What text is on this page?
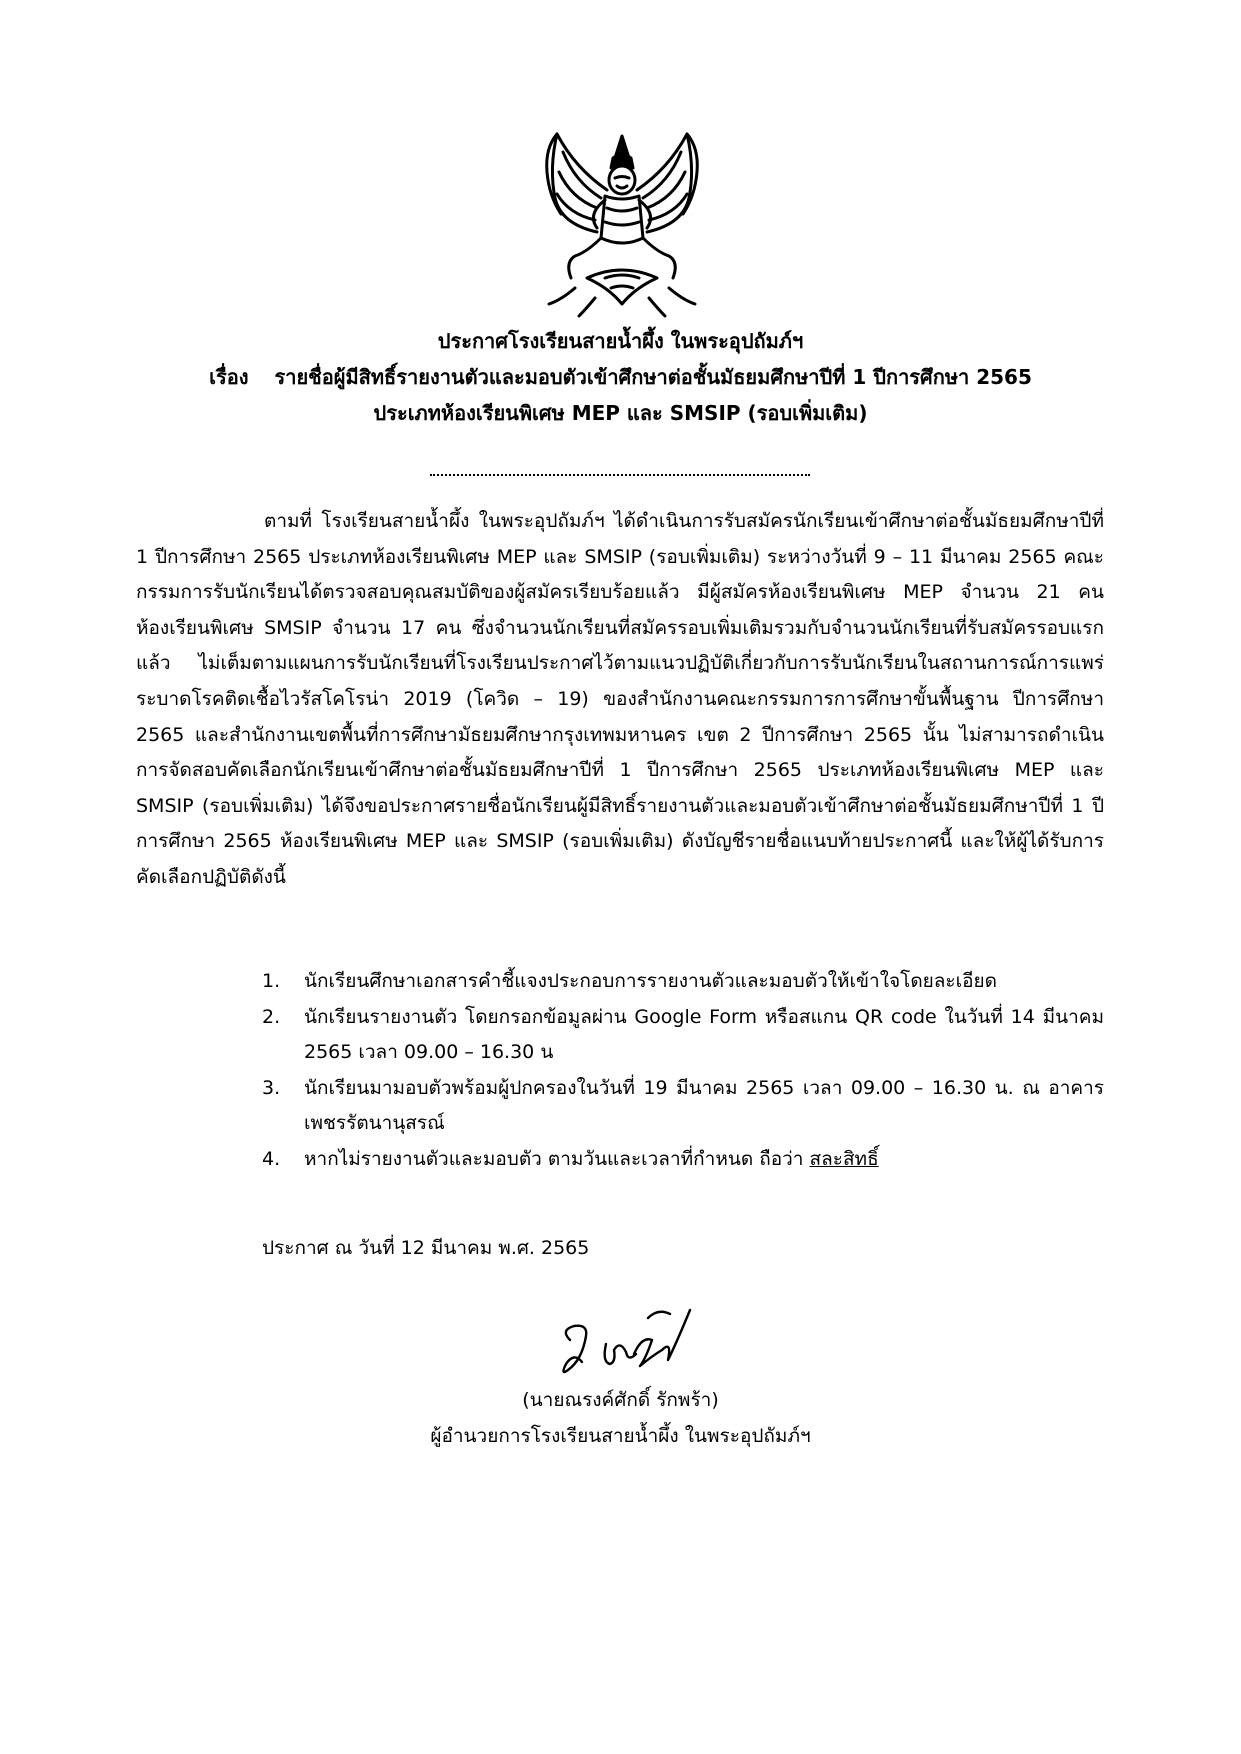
ประกาศโรงเรียนสายน้ำผึ้ง ในพระอุปถัมภ์ฯ
เรื่อง รายชื่อผู้มีสิทธิ์รายงานตัวและมอบตัวเข้าศึกษาต่อชั้นมัธยมศึกษาปีที่ 1 ปีการศึกษา 2565
ประเภทห้องเรียนพิเศษ MEP และ SMSIP (รอบเพิ่มเติม)

ตามที่ โรงเรียนสายน้ำผึ้ง ในพระอุปถัมภ์ฯ ได้ดำเนินการรับสมัครนักเรียนเข้าศึกษาต่อชั้นมัธยมศึกษาปีที่ 1 ปีการศึกษา 2565 ประเภทห้องเรียนพิเศษ MEP และ SMSIP (รอบเพิ่มเติม) ระหว่างวันที่ 9 – 11 มีนาคม 2565 คณะกรรมการรับนักเรียนได้ตรวจสอบคุณสมบัติของผู้สมัครเรียบร้อยแล้ว มีผู้สมัครห้องเรียนพิเศษ MEP จำนวน 21 คน ห้องเรียนพิเศษ SMSIP จำนวน 17 คน ซึ่งจำนวนนักเรียนที่สมัครรอบเพิ่มเติมรวมกับจำนวนนักเรียนที่รับสมัครรอบแรกแล้ว ไม่เต็มตามแผนการรับนักเรียนที่โรงเรียนประกาศไว้ตามแนวปฏิบัติเกี่ยวกับการรับนักเรียนในสถานการณ์การแพร่ระบาดโรคติดเชื้อไวรัสโคโรน่า 2019 (โควิด – 19) ของสำนักงานคณะกรรมการการศึกษาขั้นพื้นฐาน ปีการศึกษา 2565 และสำนักงานเขตพื้นที่การศึกษามัธยมศึกษากรุงเทพมหานคร เขต 2 ปีการศึกษา 2565 นั้น ไม่สามารถดำเนินการจัดสอบคัดเลือกนักเรียนเข้าศึกษาต่อชั้นมัธยมศึกษาปีที่ 1 ปีการศึกษา 2565 ประเภทห้องเรียนพิเศษ MEP และ SMSIP (รอบเพิ่มเติม) ได้จึงขอประกาศรายชื่อนักเรียนผู้มีสิทธิ์รายงานตัวและมอบตัวเข้าศึกษาต่อชั้นมัธยมศึกษาปีที่ 1 ปีการศึกษา 2565 ห้องเรียนพิเศษ MEP และ SMSIP (รอบเพิ่มเติม) ดังบัญชีรายชื่อแนบท้ายประกาศนี้ และให้ผู้ได้รับการคัดเลือกปฏิบัติดังนี้

1. นักเรียนศึกษาเอกสารคำชี้แจงประกอบการรายงานตัวและมอบตัวให้เข้าใจโดยละเอียด
2. นักเรียนรายงานตัว โดยกรอกข้อมูลผ่าน Google Form หรือสแกน QR code ในวันที่ 14 มีนาคม 2565 เวลา 09.00 – 16.30 น
3. นักเรียนมามอบตัวพร้อมผู้ปกครองในวันที่ 19 มีนาคม 2565 เวลา 09.00 – 16.30 น. ณ อาคารเพชรรัตนานุสรณ์
4. หากไม่รายงานตัวและมอบตัว ตามวันและเวลาที่กำหนด ถือว่า สละสิทธิ์
ประกาศ ณ วันที่ 12 มีนาคม พ.ศ. 2565
(นายณรงค์ศักดิ์ รักพร้า)
ผู้อำนวยการโรงเรียนสายน้ำผึ้ง ในพระอุปถัมภ์ฯ
